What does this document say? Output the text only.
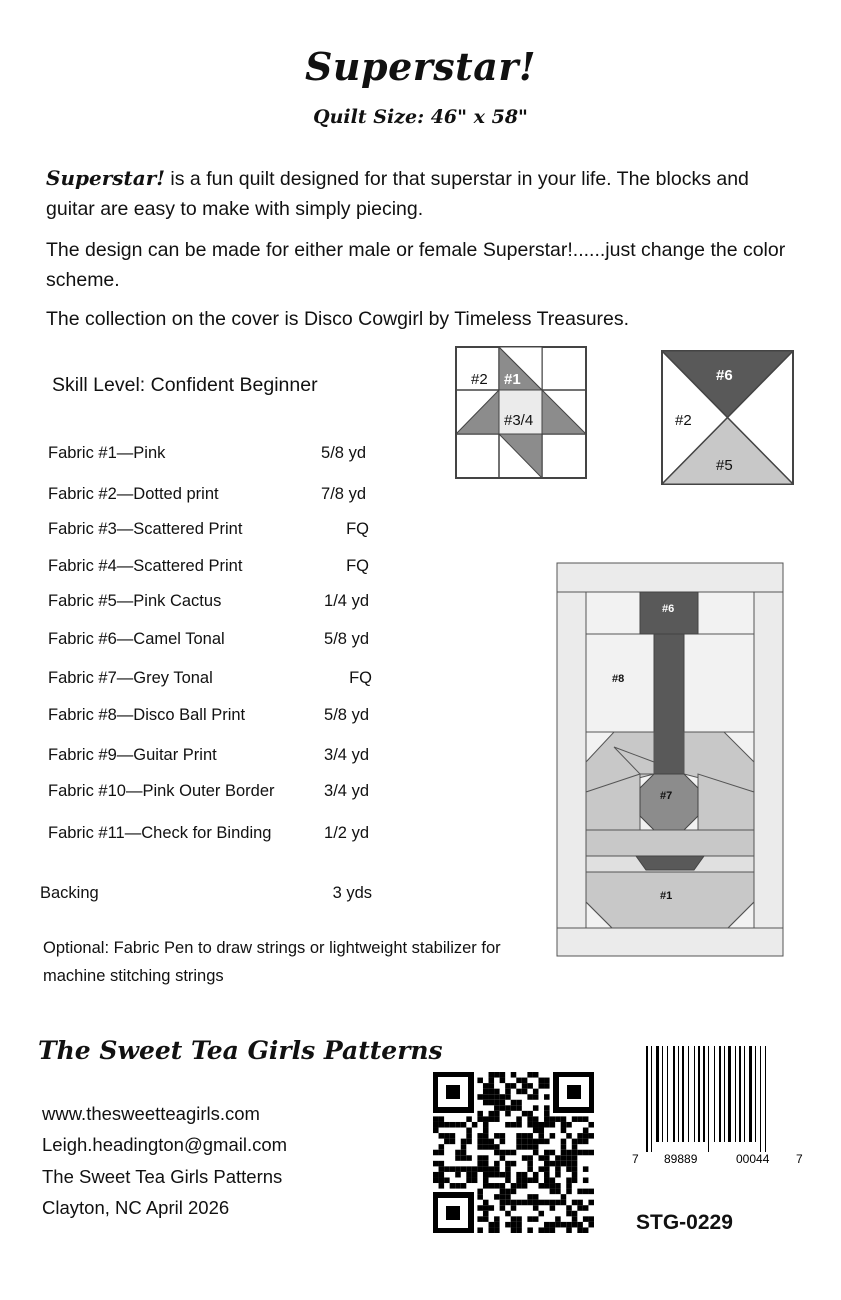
Superstar!
Quilt Size: 46" x 58"
Superstar! is a fun quilt designed for that superstar in your life. The blocks and guitar are easy to make with simply piecing.
The design can be made for either male or female Superstar!......just change the color scheme.
The collection on the cover is Disco Cowgirl by Timeless Treasures.
Skill Level: Confident Beginner
Fabric #1—Pink	5/8 yd
Fabric #2—Dotted print	7/8 yd
Fabric #3—Scattered Print	FQ
Fabric #4—Scattered Print	FQ
Fabric #5—Pink Cactus	1/4 yd
Fabric #6—Camel Tonal	5/8 yd
Fabric #7—Grey Tonal	FQ
Fabric #8—Disco Ball Print	5/8 yd
Fabric #9—Guitar Print	3/4 yd
Fabric #10—Pink Outer Border	3/4 yd
Fabric #11—Check for Binding	1/2 yd
Backing	3 yds
Optional: Fabric Pen to draw strings or lightweight stabilizer for machine stitching strings
#2 #1
#3/4
#6
#2
#5
#6
#8
#7
#1
The Sweet Tea Girls Patterns
www.thesweetteagirls.com
Leigh.headington@gmail.com
The Sweet Tea Girls Patterns
Clayton, NC April 2026
7 89889	00044 7
STG-0229
